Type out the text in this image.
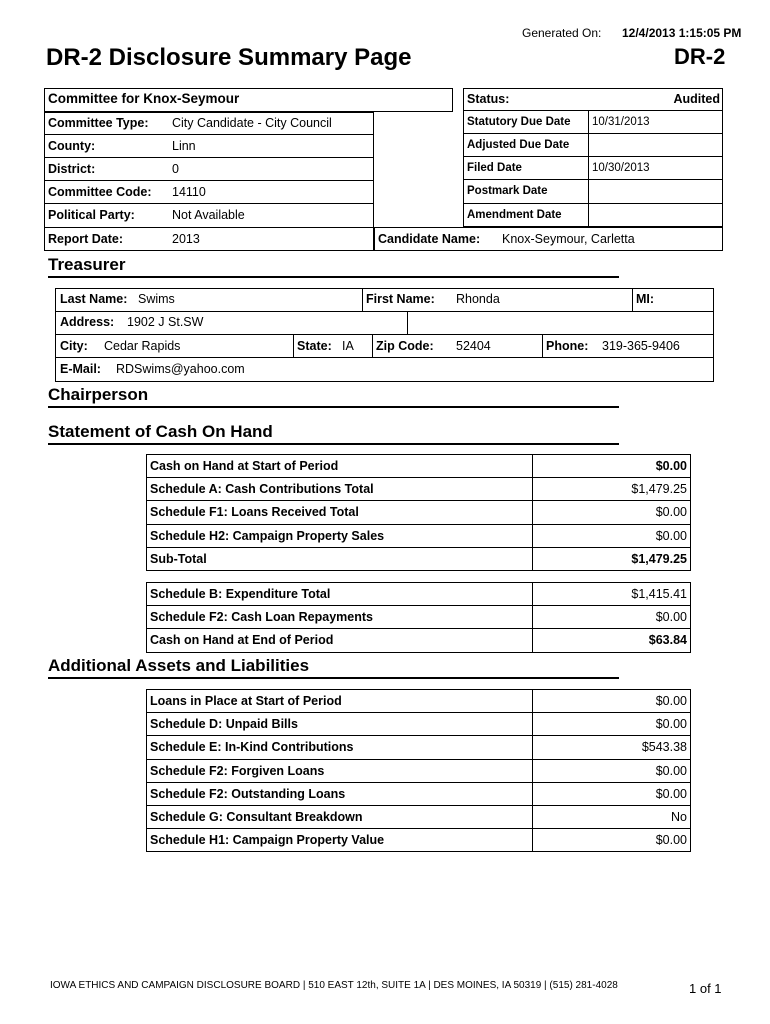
Generated On: 12/4/2013 1:15:05 PM
DR-2 Disclosure Summary Page	DR-2
Committee for Knox-Seymour
Committee Type: City Candidate - City Council
County:	Linn
District:	0
Committee Code: 14110
Political Party:	Not Available
Report Date:	2013	Candidate Name: Knox-Seymour, Carletta
Status:	Audited
Statutory Due Date 10/31/2013
Adjusted Due Date
Filed Date	10/30/2013
Postmark Date
Amendment Date
Treasurer
Last Name: Swims	First Name: Rhonda	MI:
Address: 1902 J St.SW
City: Cedar Rapids	State: IA Zip Code: 52404	Phone: 319-365-9406
E-Mail: RDSwims@yahoo.com
Chairperson
Statement of Cash On Hand
Additional Assets and Liabilities
IOWA ETHICS AND CAMPAIGN DISCLOSURE BOARD | 510 EAST 12th, SUITE 1A | DES MOINES, IA 50319 | (515) 281-4028	1 of 1
Cash on Hand at Start of Period	$0.00
Schedule A: Cash Contributions Total	$1,479.25
Schedule F1: Loans Received Total	$0.00
Schedule H2: Campaign Property Sales	$0.00
Sub-Total	$1,479.25
Schedule B: Expenditure Total	$1,415.41
Schedule F2: Cash Loan Repayments	$0.00
Cash on Hand at End of Period	$63.84
Loans in Place at Start of Period	$0.00
Schedule D: Unpaid Bills	$0.00
Schedule E: In-Kind Contributions	$543.38
Schedule F2: Forgiven Loans	$0.00
Schedule F2: Outstanding Loans	$0.00
Schedule G: Consultant Breakdown	No
Schedule H1: Campaign Property Value	$0.00
